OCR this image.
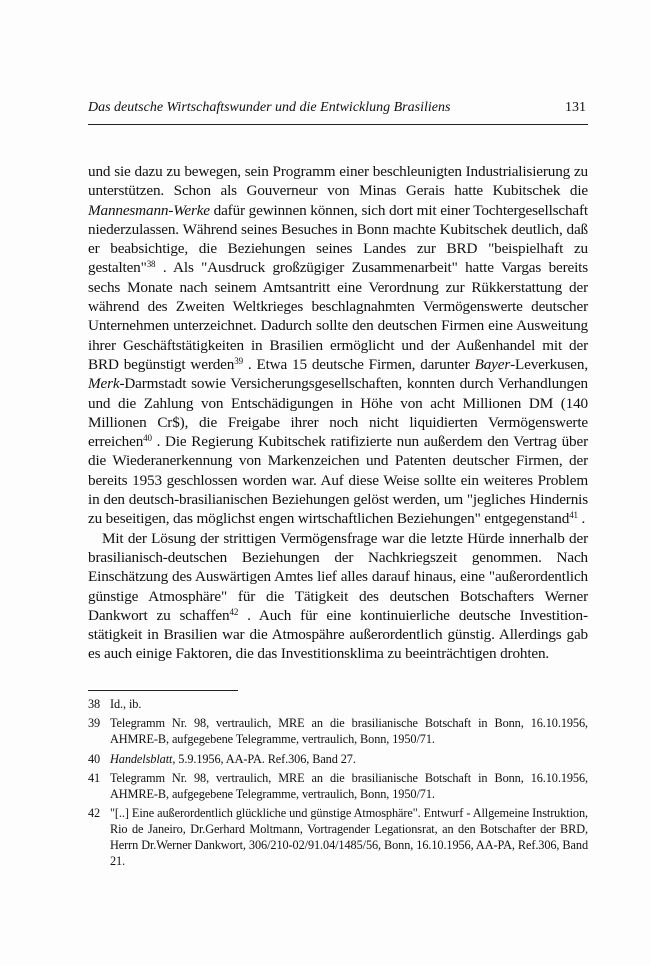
Das deutsche Wirtschaftswunder und die Entwicklung Brasiliens	131

und sie dazu zu bewegen, sein Programm einer beschleunigten Industrialisierung zu unterstützen. Schon als Gouverneur von Minas Gerais hatte Kubitschek die Mannesmann-Werke dafür gewinnen können, sich dort mit einer Tochtergesellschaft niederzulassen. Während seines Besuches in Bonn machte Kubitschek deutlich, daß er beabsichtige, die Beziehungen seines Landes zur BRD "beispielhaft zu gestalten"$^{38}$ . Als "Ausdruck großzügiger Zusammenarbeit" hatte Vargas bereits sechs Monate nach seinem Amtsantritt eine Verordnung zur Rükkerstattung der während des Zweiten Weltkrieges beschlagnahmten Vermögenswerte deutscher Unternehmen unterzeichnet. Dadurch sollte den deutschen Firmen eine Ausweitung ihrer Geschäftstätigkeiten in Brasilien ermöglicht und der Außenhandel mit der BRD begünstigt werden$^{39}$ . Etwa 15 deutsche Firmen, darunter Bayer-Leverkusen, Merk-Darmstadt sowie Versicherungsgesellschaften, konnten durch Verhandlungen und die Zahlung von Entschädigungen in Höhe von acht Millionen DM (140 Millionen Cr$), die Freigabe ihrer noch nicht liquidierten Vermögenswerte erreichen$^{40}$ . Die Regierung Kubitschek ratifizierte nun außerdem den Vertrag über die Wiederanerkennung von Markenzeichen und Patenten deutscher Firmen, der bereits 1953 geschlossen worden war. Auf diese Weise sollte ein weiteres Problem in den deutsch-brasilianischen Beziehungen gelöst werden, um "jegliches Hindernis zu beseitigen, das möglichst engen wirtschaftlichen Beziehungen" entgegenstand$^{41}$ .

Mit der Lösung der strittigen Vermögensfrage war die letzte Hürde innerhalb der brasilianisch-deutschen Beziehungen der Nachkriegszeit genommen. Nach Einschätzung des Auswärtigen Amtes lief alles darauf hinaus, eine "außerordentlich günstige Atmosphäre" für die Tätigkeit des deutschen Botschafters Werner Dankwort zu schaffen$^{42}$ . Auch für eine kontinuierliche deutsche Investitionstätigkeit in Brasilien war die Atmospähre außerordentlich günstig. Allerdings gab es auch einige Faktoren, die das Investitionsklima zu beeinträchtigen drohten.

38 Id., ib.
39 Telegramm Nr. 98, vertraulich, MRE an die brasilianische Botschaft in Bonn, 16.10.1956, AHMRE-B, aufgegebene Telegramme, vertraulich, Bonn, 1950/71.
40 Handelsblatt, 5.9.1956, AA-PA. Ref.306, Band 27.
41 Telegramm Nr. 98, vertraulich, MRE an die brasilianische Botschaft in Bonn, 16.10.1956, AHMRE-B, aufgegebene Telegramme, vertraulich, Bonn, 1950/71.
42 "[..] Eine außerordentlich glückliche und günstige Atmosphäre". Entwurf - Allgemeine Instruktion, Rio de Janeiro, Dr.Gerhard Moltmann, Vortragender Legationsrat, an den Botschafter der BRD, Herrn Dr.Werner Dankwort, 306/210-02/91.04/1485/56, Bonn, 16.10.1956, AA-PA, Ref.306, Band 21.
